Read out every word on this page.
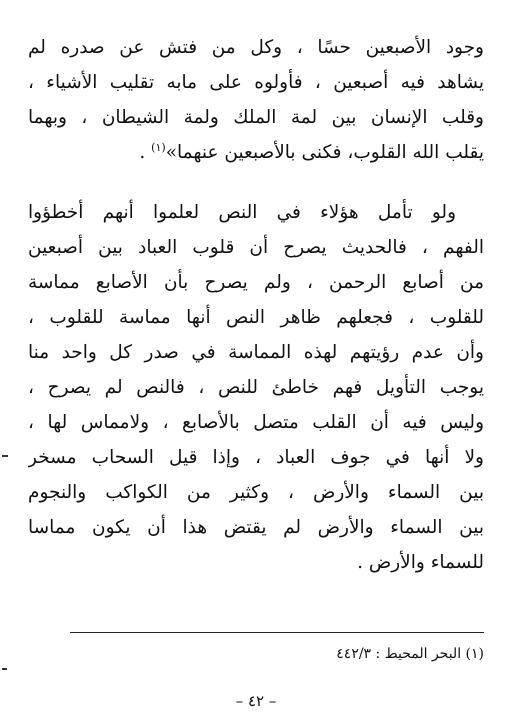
وجود الأصبعين حسًا ، وكل من فتش عن صدره لم
يشاهد فيه أصبعين ، فأولوه على مابه تقليب الأشياء ،
وقلب الإنسان بين لمة الملك ولمة الشيطان ، وبهما
يقلب الله القلوب، فكنى بالأصبعين عنهما»$^{(١)}$ .
ولو تأمل هؤلاء في النص لعلموا أنهم أخطؤوا
الفهم ، فالحديث يصرح أن قلوب العباد بين أصبعين
من أصابع الرحمن ، ولم يصرح بأن الأصابع مماسة
للقلوب ، فجعلهم ظاهر النص أنها مماسة للقلوب ،
وأن عدم رؤيتهم لهذه المماسة في صدر كل واحد منا
يوجب التأويل فهم خاطئ للنص ، فالنص لم يصرح ،
وليس فيه أن القلب متصل بالأصابع ، ولامماس لها ،
ولا أنها في جوف العباد ، وإذا قيل السحاب مسخر
بين السماء والأرض ، وكثير من الكواكب والنجوم
بين السماء والأرض لم يقتض هذا أن يكون مماسا
للسماء والأرض .
(١) البحر المحيط : ٤٤٢/٣
– ٤٢ –
